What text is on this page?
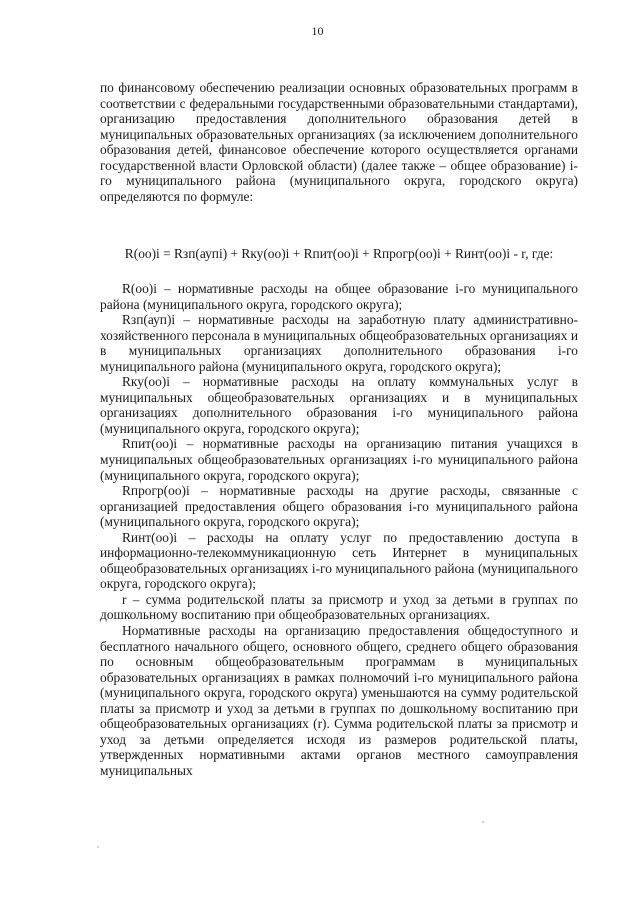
10

по финансовому обеспечению реализации основных образовательных программ в соответствии с федеральными государственными образовательными стандартами), организацию предоставления дополнительного образования детей в муниципальных образовательных организациях (за исключением дополнительного образования детей, финансовое обеспечение которого осуществляется органами государственной власти Орловской области) (далее также – общее образование) i-го муниципального района (муниципального округа, городского округа) определяются по формуле:

R(оо)i = Rзп(аупi) + Rку(оо)i + Rпит(оо)i + Rпрогр(оо)i + Rинт(оо)i - r, где:

R(оо)i – нормативные расходы на общее образование i-го муниципального района (муниципального округа, городского округа);

Rзп(ауп)i – нормативные расходы на заработную плату административно-хозяйственного персонала в муниципальных общеобразовательных организациях и в муниципальных организациях дополнительного образования i-го муниципального района (муниципального округа, городского округа);

Rку(оо)i – нормативные расходы на оплату коммунальных услуг в муниципальных общеобразовательных организациях и в муниципальных организациях дополнительного образования i-го муниципального района (муниципального округа, городского округа);

Rпит(оо)i – нормативные расходы на организацию питания учащихся в муниципальных общеобразовательных организациях i-го муниципального района (муниципального округа, городского округа);

Rпрогр(оо)i – нормативные расходы на другие расходы, связанные с организацией предоставления общего образования i-го муниципального района (муниципального округа, городского округа);

Rинт(оо)i – расходы на оплату услуг по предоставлению доступа в информационно-телекоммуникационную сеть Интернет в муниципальных общеобразовательных организациях i-го муниципального района (муниципального округа, городского округа);

r – сумма родительской платы за присмотр и уход за детьми в группах по дошкольному воспитанию при общеобразовательных организациях.

Нормативные расходы на организацию предоставления общедоступного и бесплатного начального общего, основного общего, среднего общего образования по основным общеобразовательным программам в муниципальных образовательных организациях в рамках полномочий i-го муниципального района (муниципального округа, городского округа) уменьшаются на сумму родительской платы за присмотр и уход за детьми в группах по дошкольному воспитанию при общеобразовательных организациях (r). Сумма родительской платы за присмотр и уход за детьми определяется исходя из размеров родительской платы, утвержденных нормативными актами органов местного самоуправления муниципальных
